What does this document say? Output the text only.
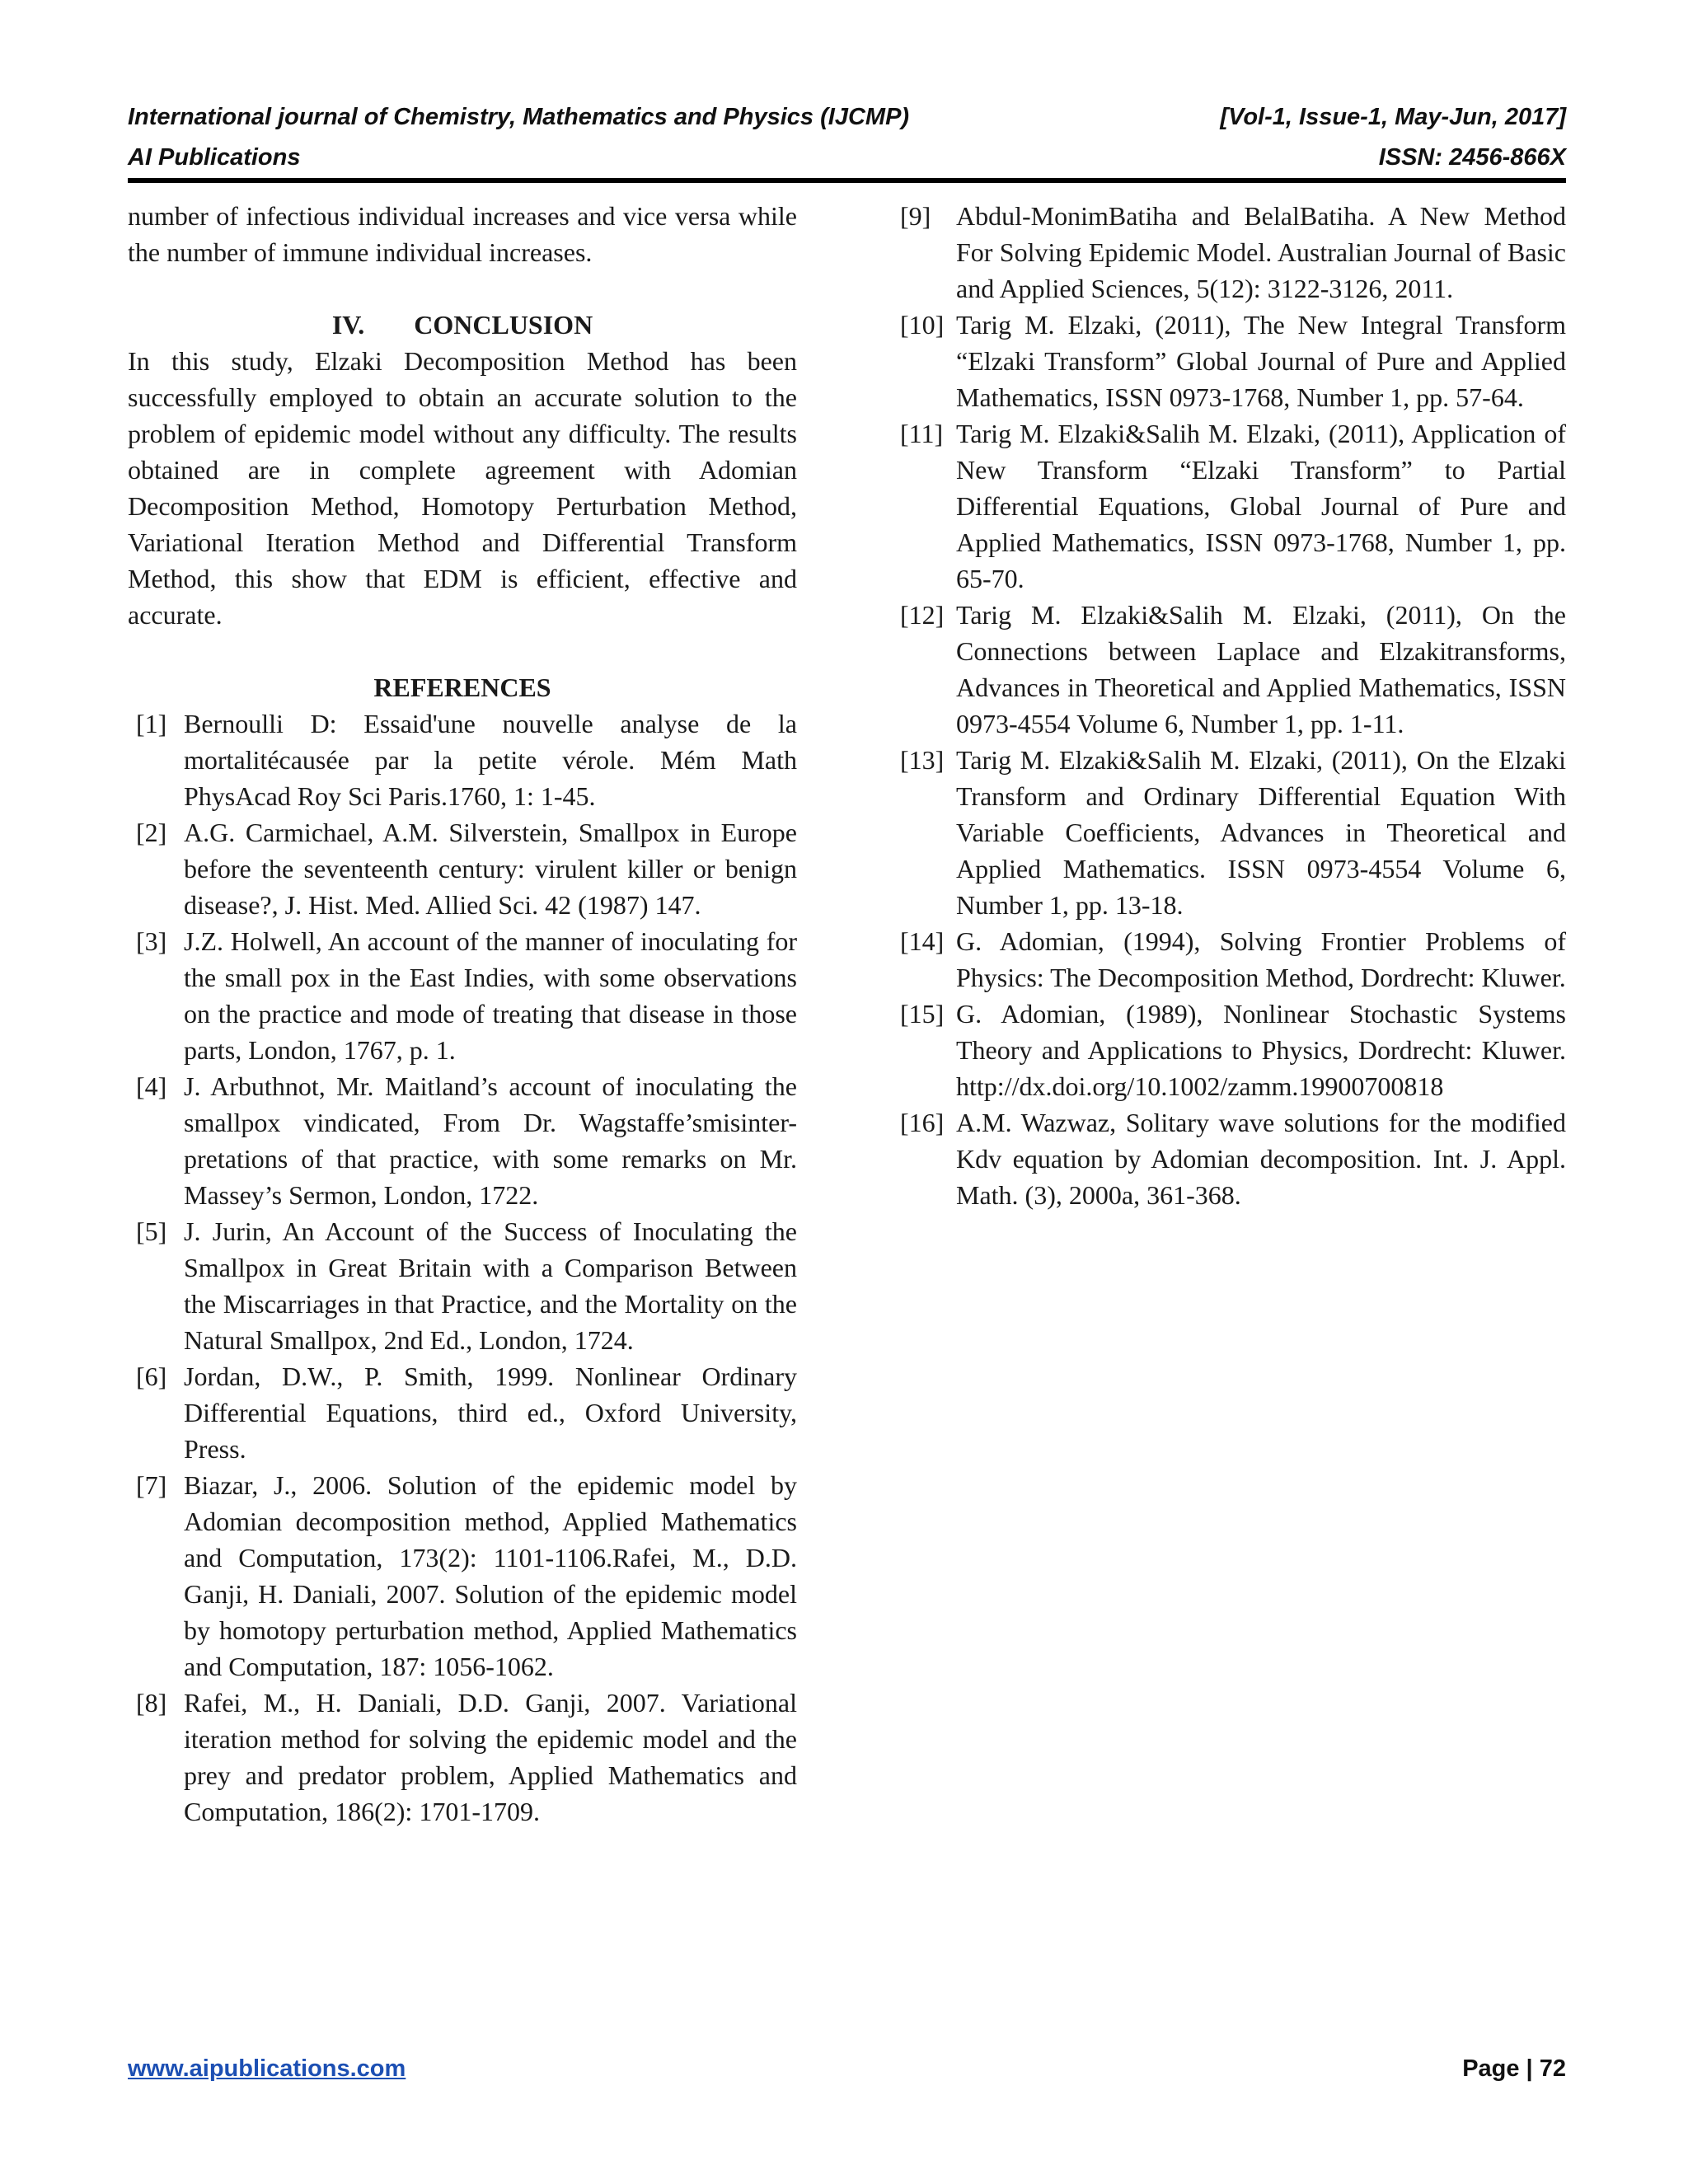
International journal of Chemistry, Mathematics and Physics (IJCMP)	[Vol-1, Issue-1, May-Jun, 2017]
AI Publications	ISSN: 2456-866X

number of infectious individual increases and vice versa while the number of immune individual increases.

IV. CONCLUSION

In this study, Elzaki Decomposition Method has been successfully employed to obtain an accurate solution to the problem of epidemic model without any difficulty. The results obtained are in complete agreement with Adomian Decomposition Method, Homotopy Perturbation Method, Variational Iteration Method and Differential Transform Method, this show that EDM is efficient, effective and accurate.

REFERENCES
[1] Bernoulli D: Essaid'une nouvelle analyse de la mortalitécausée par la petite vérole. Mém Math PhysAcad Roy Sci Paris.1760, 1: 1-45.
[2] A.G. Carmichael, A.M. Silverstein, Smallpox in Europe before the seventeenth century: virulent killer or benign disease?, J. Hist. Med. Allied Sci. 42 (1987) 147.
[3] J.Z. Holwell, An account of the manner of inoculating for the small pox in the East Indies, with some observations on the practice and mode of treating that disease in those parts, London, 1767, p. 1.
[4] J. Arbuthnot, Mr. Maitland’s account of inoculating the smallpox vindicated, From Dr. Wagstaffe’smisinter-pretations of that practice, with some remarks on Mr. Massey’s Sermon, London, 1722.
[5] J. Jurin, An Account of the Success of Inoculating the Smallpox in Great Britain with a Comparison Between the Miscarriages in that Practice, and the Mortality on the Natural Smallpox, 2nd Ed., London, 1724.
[6] Jordan, D.W., P. Smith, 1999. Nonlinear Ordinary Differential Equations, third ed., Oxford University, Press.
[7] Biazar, J., 2006. Solution of the epidemic model by Adomian decomposition method, Applied Mathematics and Computation, 173(2): 1101-1106.Rafei, M., D.D. Ganji, H. Daniali, 2007. Solution of the epidemic model by homotopy perturbation method, Applied Mathematics and Computation, 187: 1056-1062.
[8] Rafei, M., H. Daniali, D.D. Ganji, 2007. Variational iteration method for solving the epidemic model and the prey and predator problem, Applied Mathematics and Computation, 186(2): 1701-1709.
[9] Abdul-MonimBatiha and BelalBatiha. A New Method For Solving Epidemic Model. Australian Journal of Basic and Applied Sciences, 5(12): 3122-3126, 2011.
[10] Tarig M. Elzaki, (2011), The New Integral Transform “Elzaki Transform” Global Journal of Pure and Applied Mathematics, ISSN 0973-1768, Number 1, pp. 57-64.
[11] Tarig M. Elzaki&Salih M. Elzaki, (2011), Application of New Transform “Elzaki Transform” to Partial Differential Equations, Global Journal of Pure and Applied Mathematics, ISSN 0973-1768, Number 1, pp. 65-70.
[12] Tarig M. Elzaki&Salih M. Elzaki, (2011), On the Connections between Laplace and Elzakitransforms, Advances in Theoretical and Applied Mathematics, ISSN 0973-4554 Volume 6, Number 1, pp. 1-11.
[13] Tarig M. Elzaki&Salih M. Elzaki, (2011), On the Elzaki Transform and Ordinary Differential Equation With Variable Coefficients, Advances in Theoretical and Applied Mathematics. ISSN 0973-4554 Volume 6, Number 1, pp. 13-18.
[14] G. Adomian, (1994), Solving Frontier Problems of Physics: The Decomposition Method, Dordrecht: Kluwer.
[15] G. Adomian, (1989), Nonlinear Stochastic Systems Theory and Applications to Physics, Dordrecht: Kluwer. http://dx.doi.org/10.1002/zamm.19900700818
[16] A.M. Wazwaz, Solitary wave solutions for the modified Kdv equation by Adomian decomposition. Int. J. Appl. Math. (3), 2000a, 361-368.
www.aipublications.com	Page | 72
